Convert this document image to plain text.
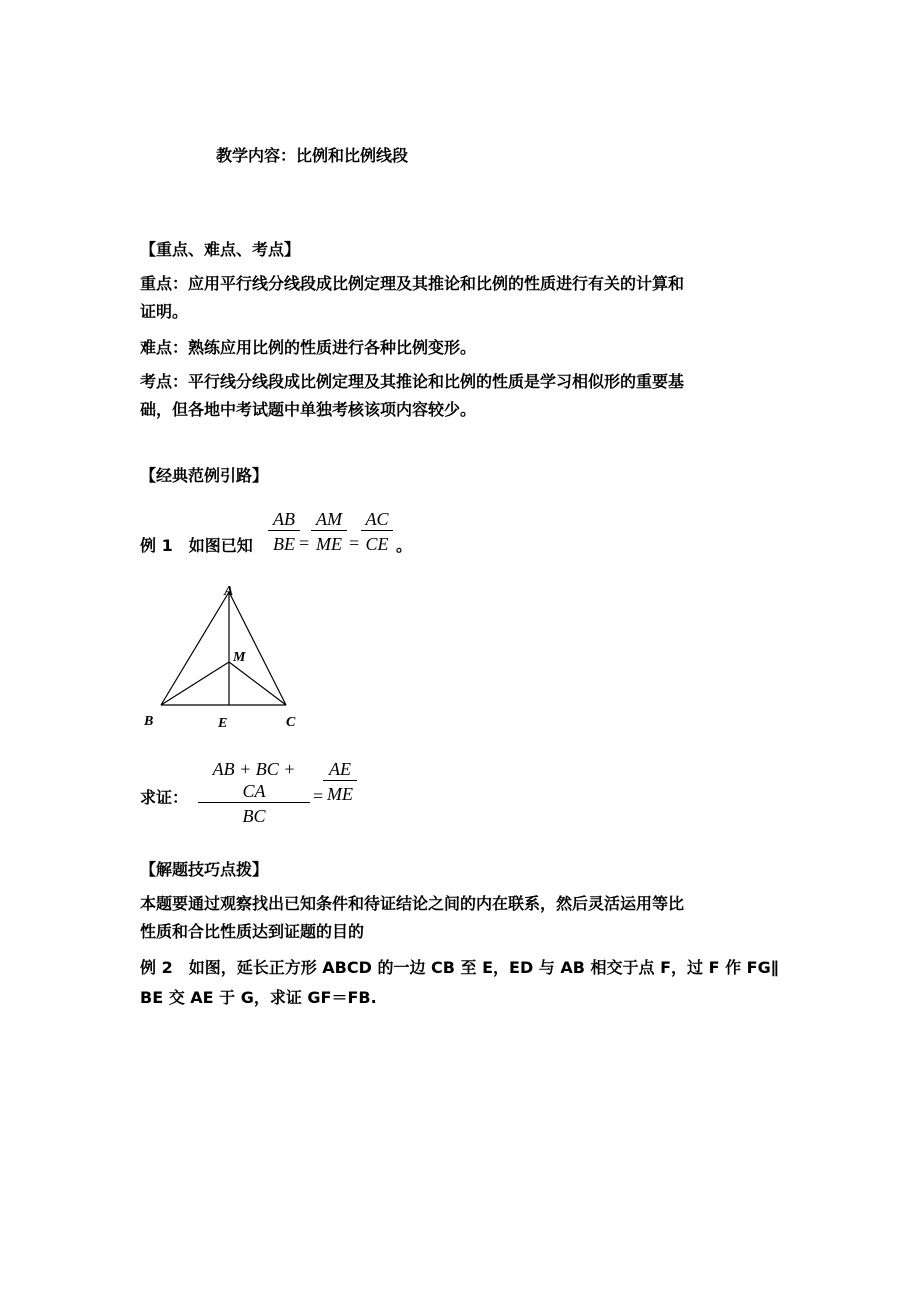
教学内容：比例和比例线段
【重点、难点、考点】
重点：应用平行线分线段成比例定理及其推论和比例的性质进行有关的计算和
证明。
难点：熟练应用比例的性质进行各种比例变形。
考点：平行线分线段成比例定理及其推论和比例的性质是学习相似形的重要基
础，但各地中考试题中单独考核该项内容较少。
【经典范例引路】
例 1　如图已知 $\frac{AB}{BE} = \frac{AM}{ME} = \frac{AC}{CE}$ 。
A
M
B	E	C
求证： $\frac{AB + BC + CA}{BC} = \frac{AE}{ME}$
【解题技巧点拨】
本题要通过观察找出已知条件和待证结论之间的内在联系，然后灵活运用等比
性质和合比性质达到证题的目的
例 2　如图，延长正方形 ABCD 的一边 CB 至 E，ED 与 AB 相交于点 F，过 F 作 FG∥
BE 交 AE 于 G，求证 GF＝FB.
